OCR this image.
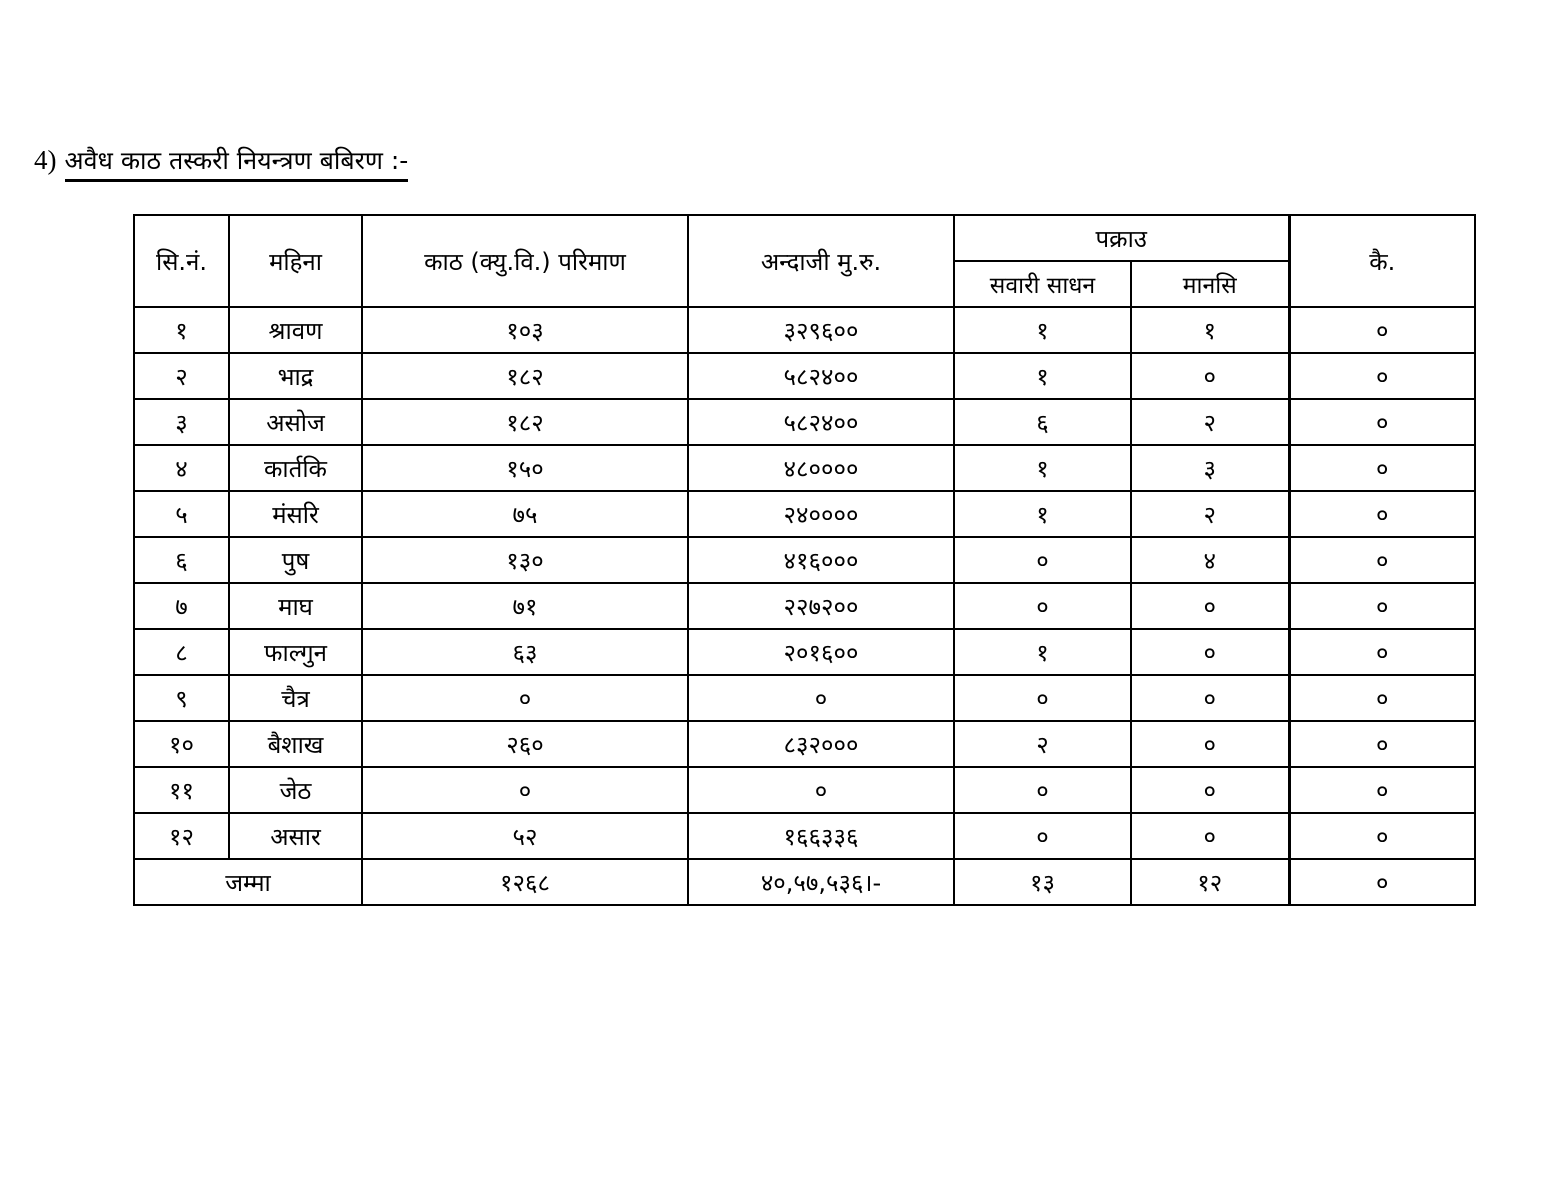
4) अवैध काठ तस्करी नियन्त्रण बबिरण :-
सि.नं.	महिना	काठ (क्यु.वि.) परिमाण	अन्दाजी मु.रु.	पक्राउ		कै.
				सवारी साधन	मानसि	
१	श्रावण	१०३	३२९६००	१	१	०
२	भाद्र	१८२	५८२४००	१	०	०
३	असोज	१८२	५८२४००	६	२	०
४	कार्तकि	१५०	४८००००	१	३	०
५	मंसरि	७५	२४००००	१	२	०
६	पुष	१३०	४१६०००	०	४	०
७	माघ	७१	२२७२००	०	०	०
८	फाल्गुन	६३	२०१६००	१	०	०
९	चैत्र	०	०	०	०	०
१०	बैशाख	२६०	८३२०००	२	०	०
११	जेठ	०	०	०	०	०
१२	असार	५२	१६६३३६	०	०	०
जम्मा		१२६८	४०,५७,५३६।-	१३	१२	०
